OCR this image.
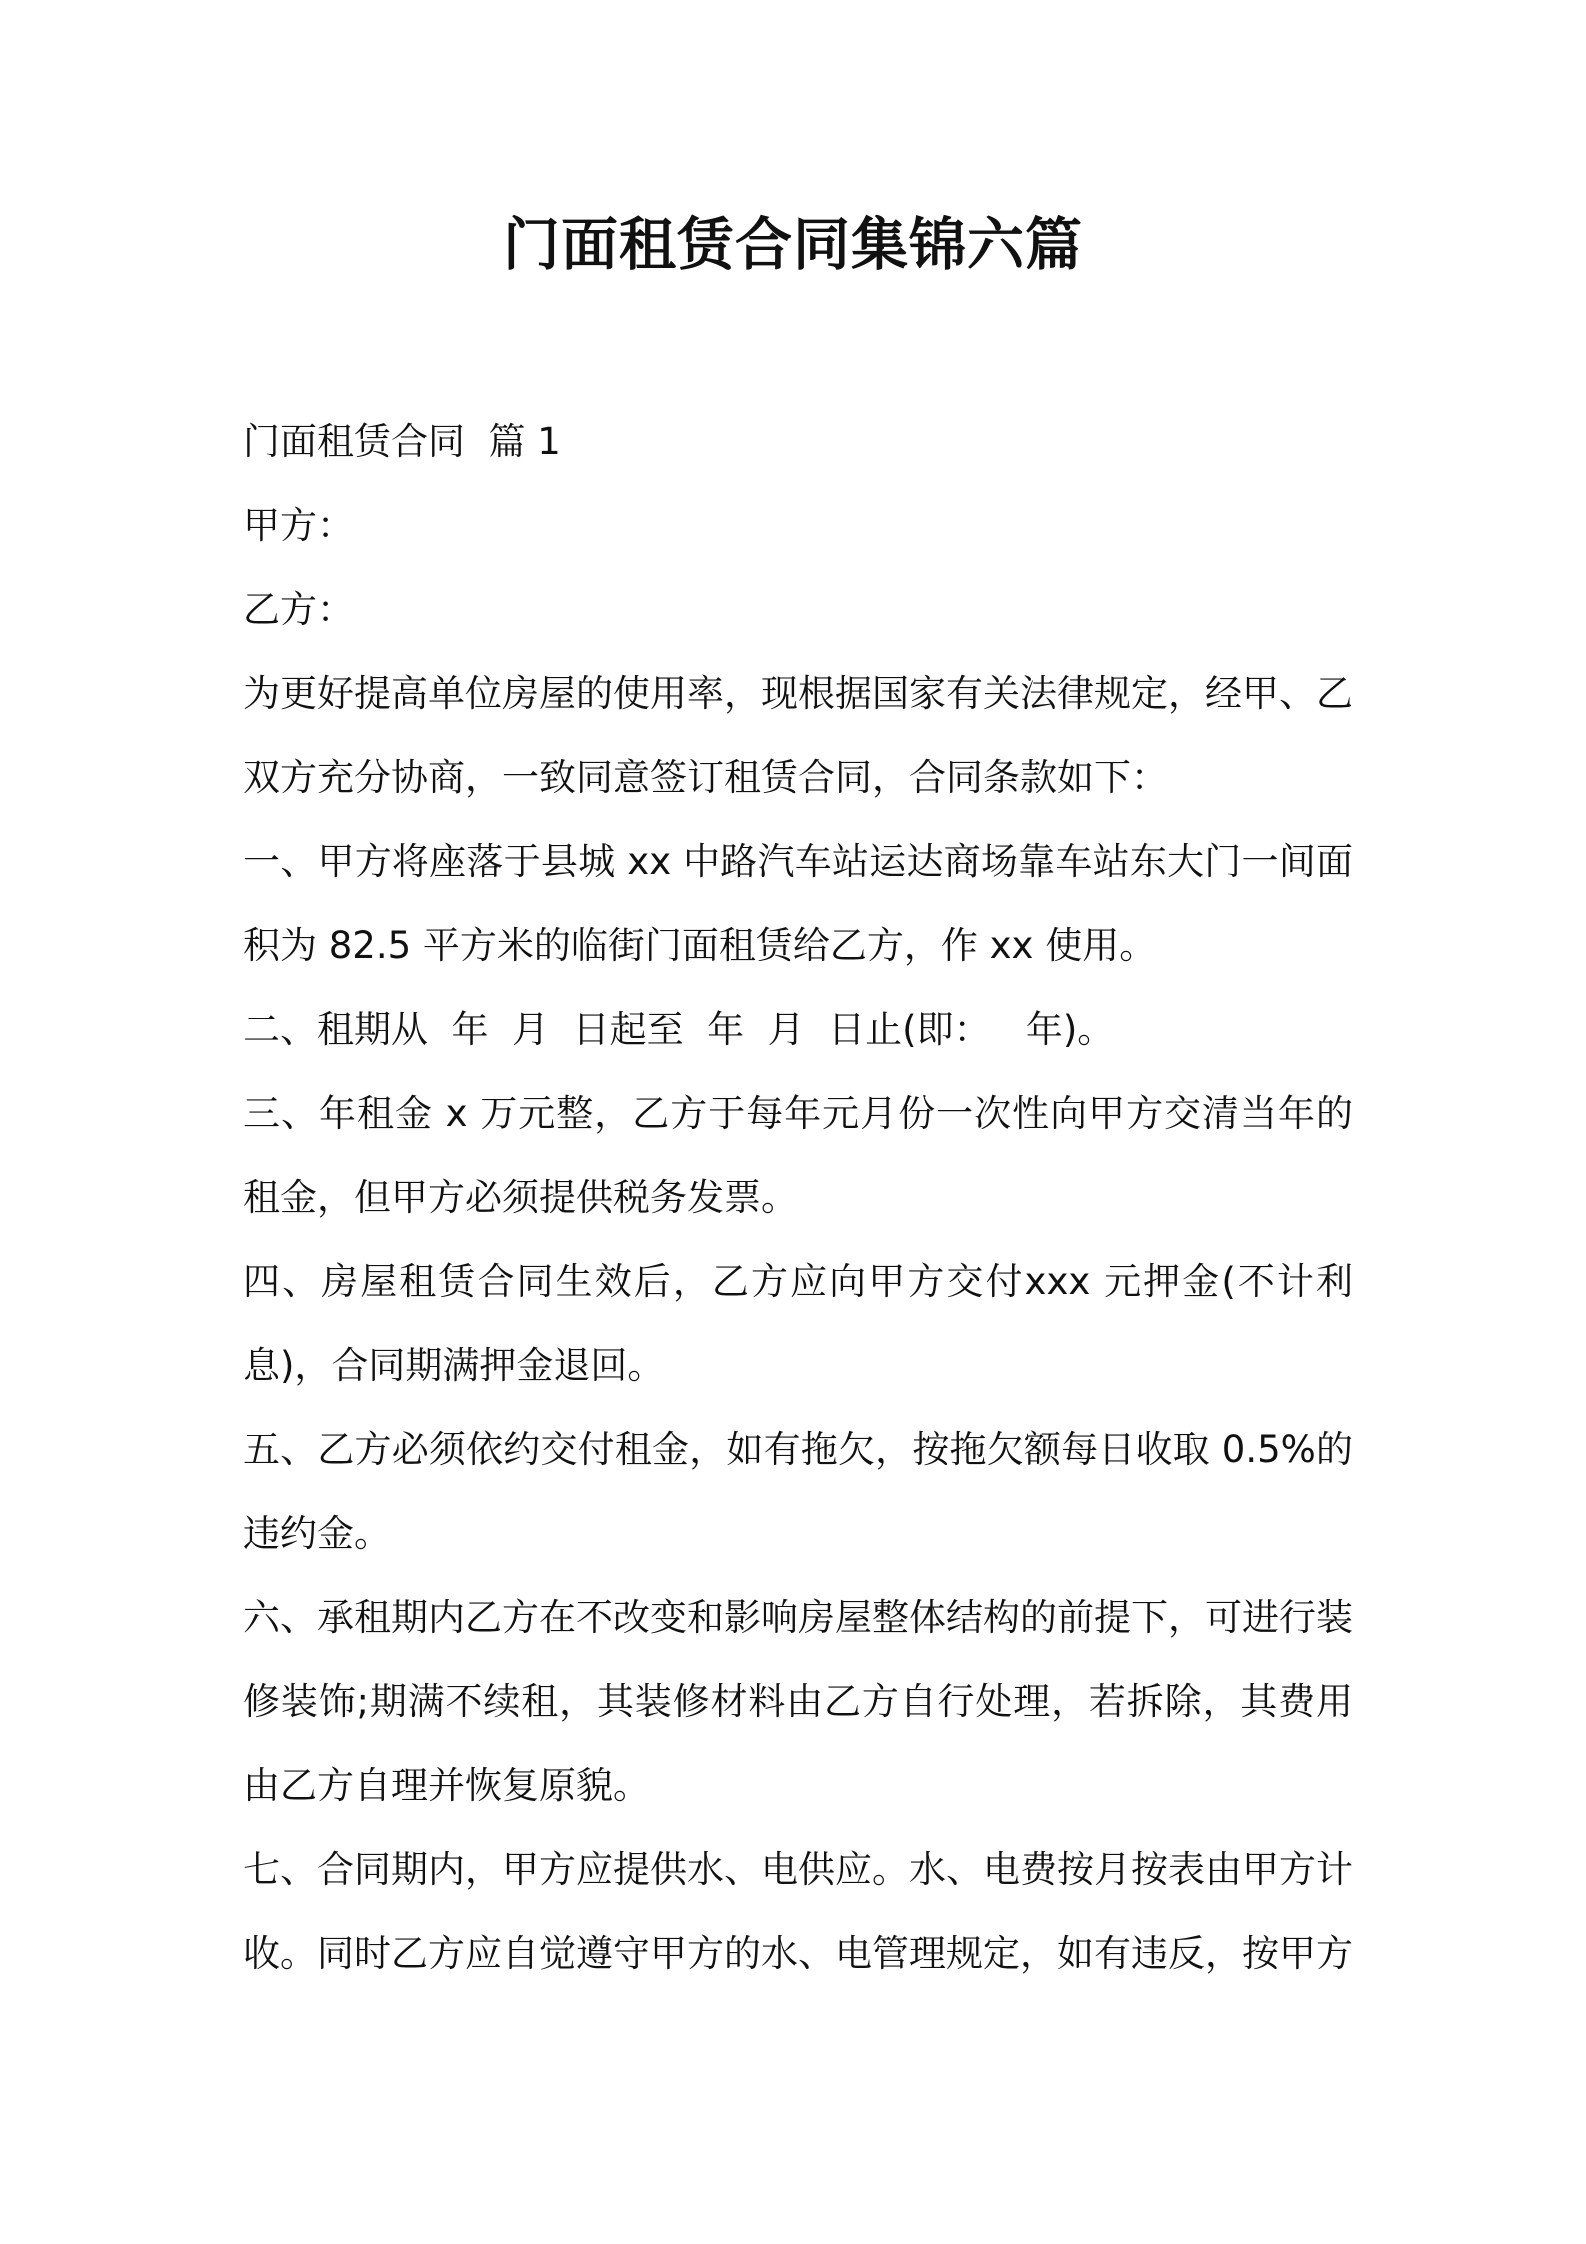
门面租赁合同集锦六篇

门面租赁合同  篇 1

甲方：

乙方：

为更好提高单位房屋的使用率，现根据国家有关法律规定，经甲、乙双方充分协商，一致同意签订租赁合同，合同条款如下：

一、甲方将座落于县城 xx 中路汽车站运达商场靠车站东大门一间面积为 82.5 平方米的临街门面租赁给乙方，作 xx 使用。

二、租期从  年  月  日起至  年  月  日止(即：   年)。

三、年租金 x 万元整，乙方于每年元月份一次性向甲方交清当年的租金，但甲方必须提供税务发票。

四、房屋租赁合同生效后，乙方应向甲方交付xxx 元押金(不计利息)，合同期满押金退回。

五、乙方必须依约交付租金，如有拖欠，按拖欠额每日收取 0.5%的违约金。

六、承租期内乙方在不改变和影响房屋整体结构的前提下，可进行装修装饰;期满不续租，其装修材料由乙方自行处理，若拆除，其费用由乙方自理并恢复原貌。

七、合同期内，甲方应提供水、电供应。水、电费按月按表由甲方计收。同时乙方应自觉遵守甲方的水、电管理规定，如有违反，按甲方
